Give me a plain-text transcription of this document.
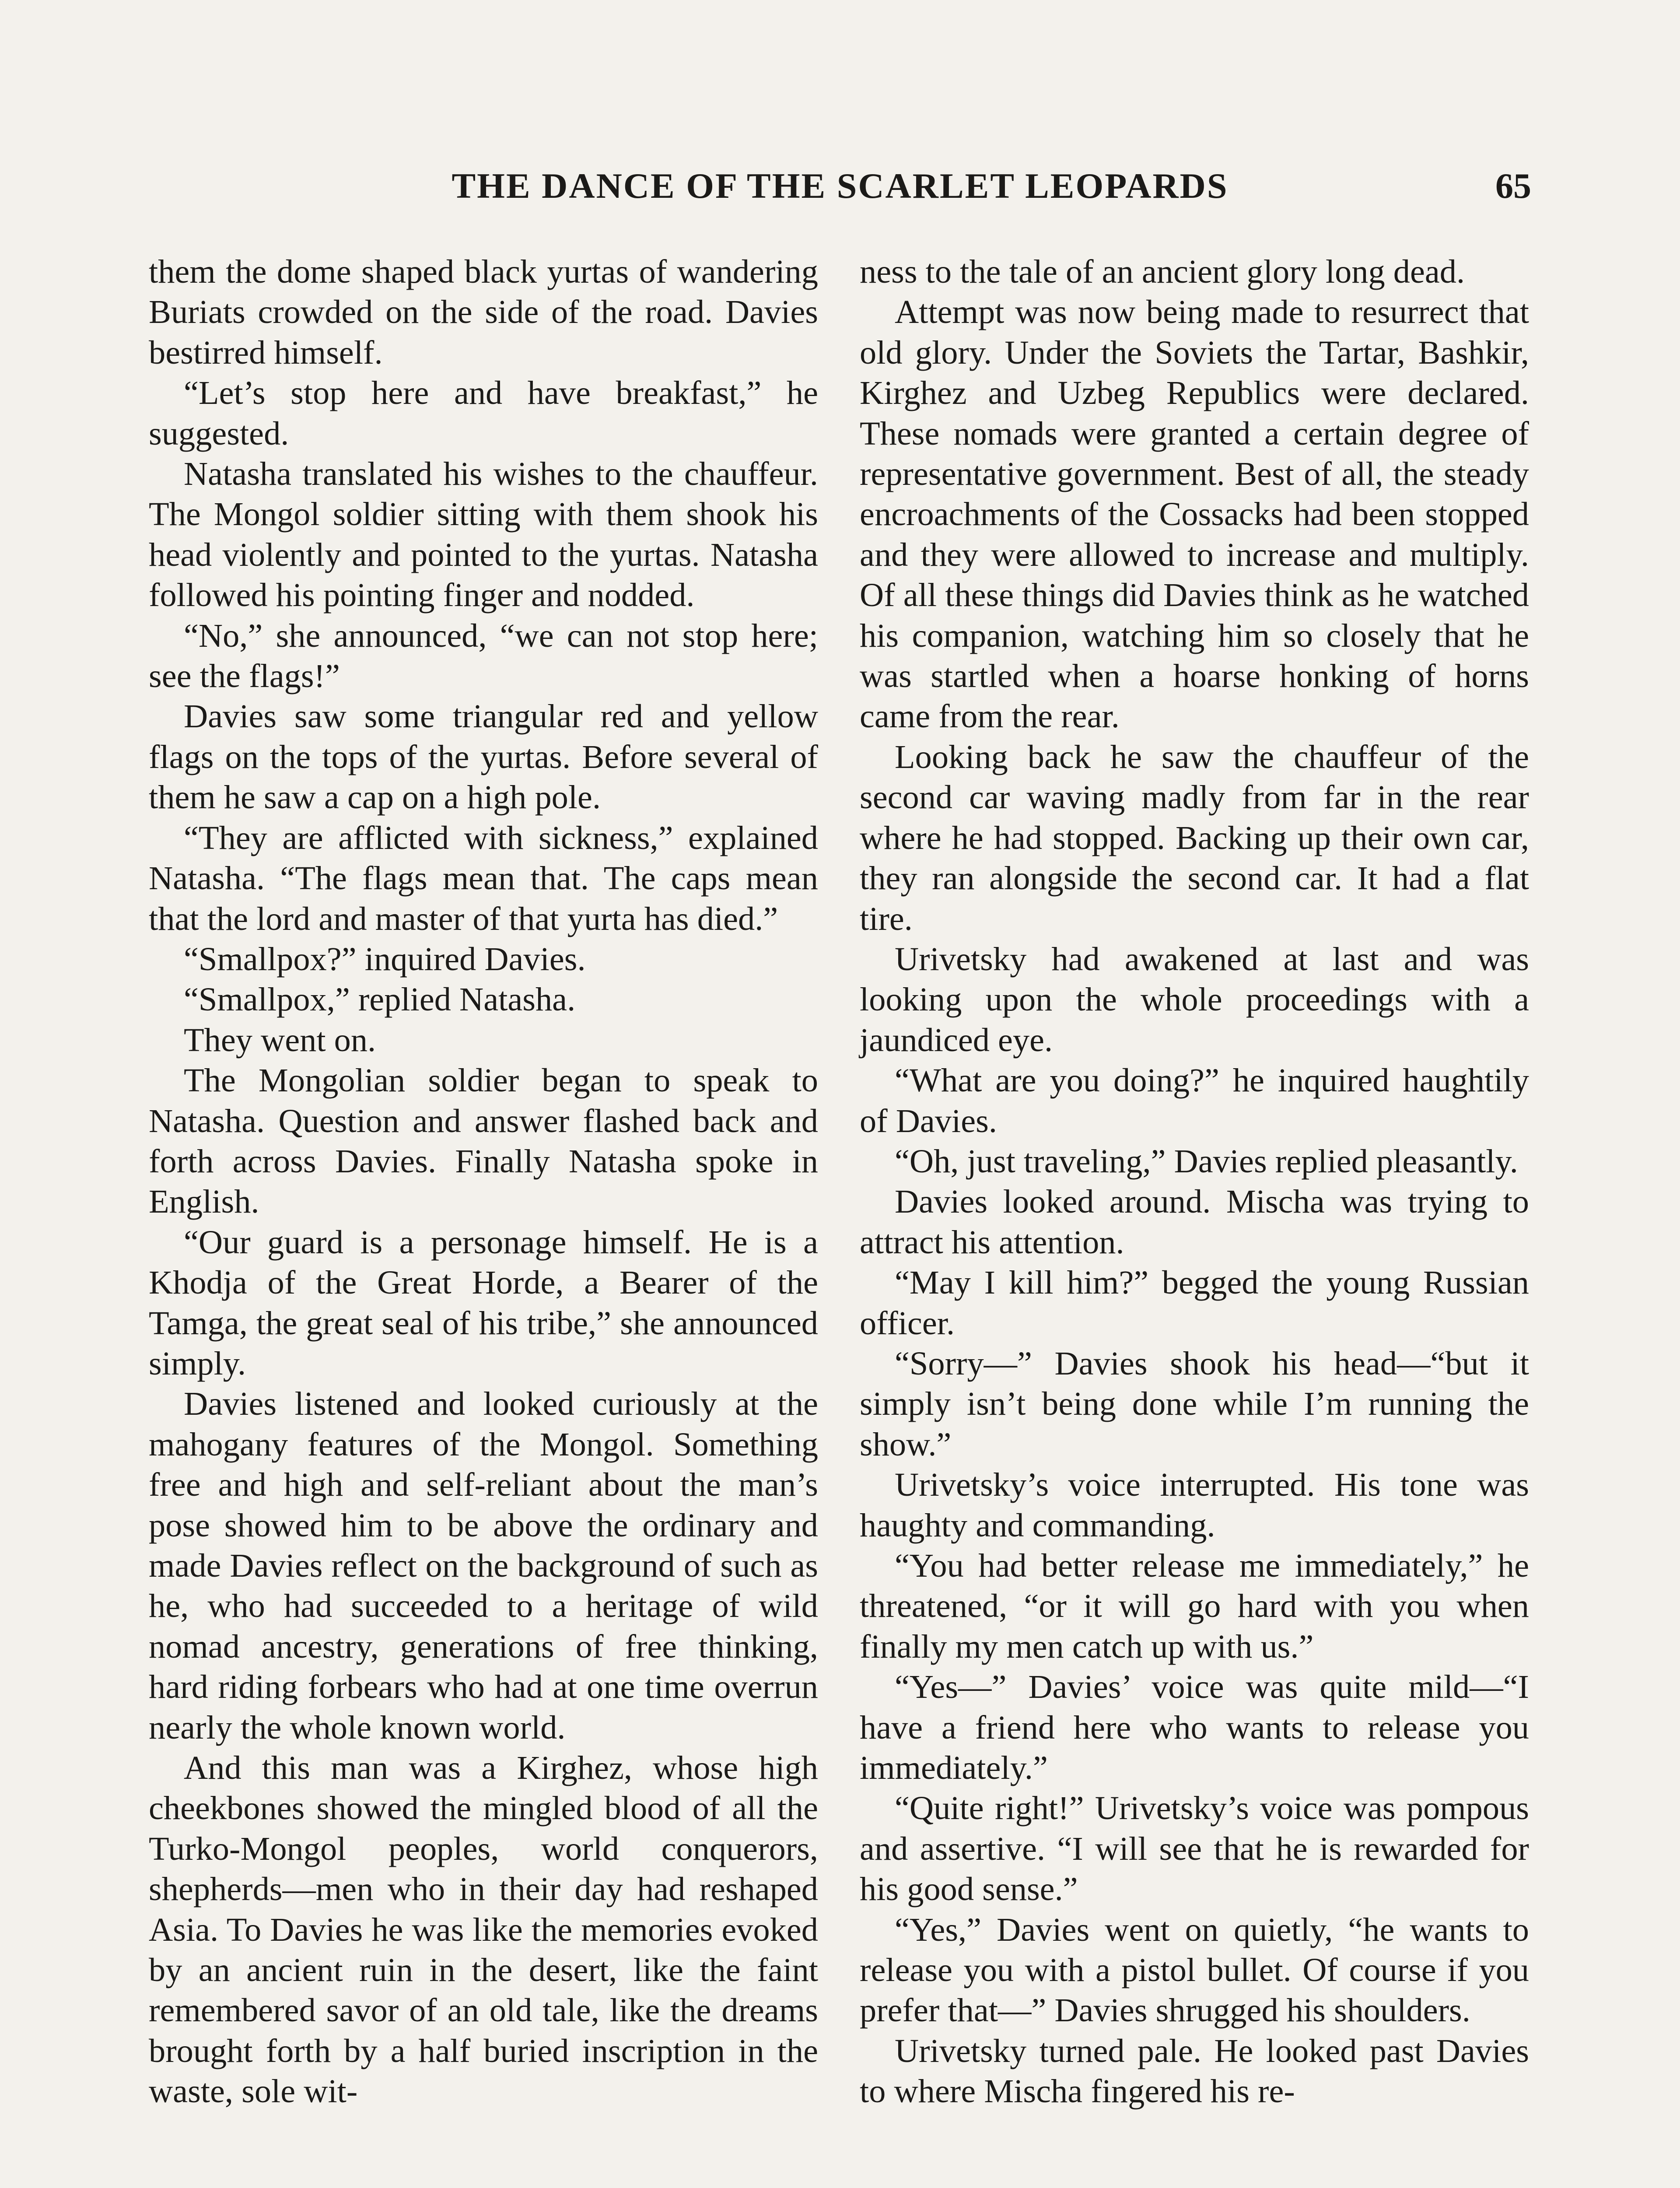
THE DANCE OF THE SCARLET LEOPARDS	65

them the dome shaped black yurtas of wandering Buriats crowded on the side of the road. Davies bestirred himself.

“Let’s stop here and have breakfast,” he suggested.

Natasha translated his wishes to the chauffeur. The Mongol soldier sitting with them shook his head violently and pointed to the yurtas. Natasha followed his pointing finger and nodded.

“No,” she announced, “we can not stop here; see the flags!”

Davies saw some triangular red and yellow flags on the tops of the yurtas. Before several of them he saw a cap on a high pole.

“They are afflicted with sickness,” explained Natasha. “The flags mean that. The caps mean that the lord and master of that yurta has died.”

“Smallpox?” inquired Davies.

“Smallpox,” replied Natasha.

They went on.

The Mongolian soldier began to speak to Natasha. Question and answer flashed back and forth across Davies. Finally Natasha spoke in English.

“Our guard is a personage himself. He is a Khodja of the Great Horde, a Bearer of the Tamga, the great seal of his tribe,” she announced simply.

Davies listened and looked curiously at the mahogany features of the Mongol. Something free and high and self-reliant about the man’s pose showed him to be above the ordinary and made Davies reflect on the background of such as he, who had succeeded to a heritage of wild nomad ancestry, generations of free thinking, hard riding forbears who had at one time overrun nearly the whole known world.

And this man was a Kirghez, whose high cheekbones showed the mingled blood of all the Turko-Mongol peoples, world conquerors, shepherds—men who in their day had reshaped Asia. To Davies he was like the memories evoked by an ancient ruin in the desert, like the faint remembered savor of an old tale, like the dreams brought forth by a half buried inscription in the waste, sole wit-

ness to the tale of an ancient glory long dead.

Attempt was now being made to resurrect that old glory. Under the Soviets the Tartar, Bashkir, Kirghez and Uzbeg Republics were declared. These nomads were granted a certain degree of representative government. Best of all, the steady encroachments of the Cossacks had been stopped and they were allowed to increase and multiply. Of all these things did Davies think as he watched his companion, watching him so closely that he was startled when a hoarse honking of horns came from the rear.

Looking back he saw the chauffeur of the second car waving madly from far in the rear where he had stopped. Backing up their own car, they ran alongside the second car. It had a flat tire.

Urivetsky had awakened at last and was looking upon the whole proceedings with a jaundiced eye.

“What are you doing?” he inquired haughtily of Davies.

“Oh, just traveling,” Davies replied pleasantly.

Davies looked around. Mischa was trying to attract his attention.

“May I kill him?” begged the young Russian officer.

“Sorry—” Davies shook his head—“but it simply isn’t being done while I’m running the show.”

Urivetsky’s voice interrupted. His tone was haughty and commanding.

“You had better release me immediately,” he threatened, “or it will go hard with you when finally my men catch up with us.”

“Yes—” Davies’ voice was quite mild—“I have a friend here who wants to release you immediately.”

“Quite right!” Urivetsky’s voice was pompous and assertive. “I will see that he is rewarded for his good sense.”

“Yes,” Davies went on quietly, “he wants to release you with a pistol bullet. Of course if you prefer that—” Davies shrugged his shoulders.

Urivetsky turned pale. He looked past Davies to where Mischa fingered his re-
